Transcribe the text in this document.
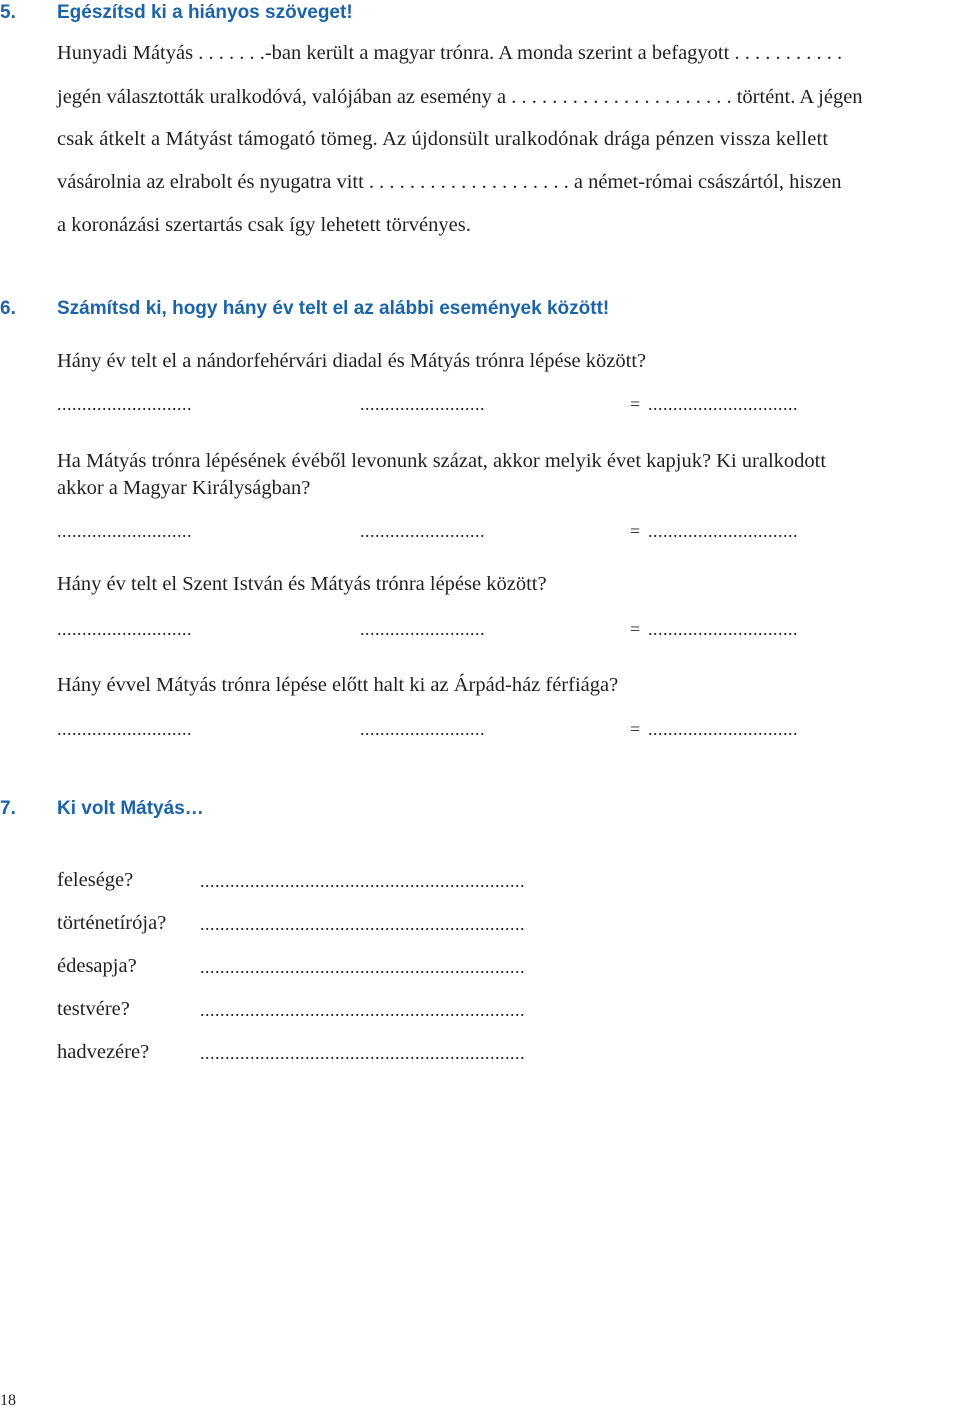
5. Egészítsd ki a hiányos szöveget!
Hunyadi Mátyás . . . . . . .-ban került a magyar trónra. A monda szerint a befagyott . . . . . . . . . . .
jegén választották uralkodóvá, valójában az esemény a . . . . . . . . . . . . . . . . . . . . . . történt. A jégen
csak átkelt a Mátyást támogató tömeg. Az újdonsült uralkodónak drága pénzen vissza kellett
vásárolnia az elrabolt és nyugatra vitt . . . . . . . . . . . . . . . . . . . . a német-római császártól, hiszen
a koronázási szertartás csak így lehetett törvényes.
6. Számítsd ki, hogy hány év telt el az alábbi események között!
Hány év telt el a nándorfehérvári diadal és Mátyás trónra lépése között?
...........................	.........................	= ..............................
Ha Mátyás trónra lépésének évéből levonunk százat, akkor melyik évet kapjuk? Ki uralkodott
akkor a Magyar Királyságban?
...........................	.........................	= ..............................
Hány év telt el Szent István és Mátyás trónra lépése között?
...........................	.........................	= ..............................
Hány évvel Mátyás trónra lépése előtt halt ki az Árpád-ház férfiága?
...........................	.........................	= ..............................
7. Ki volt Mátyás…
felesége?	.................................................................
történetírója? .................................................................
édesapja?	.................................................................
testvére?	.................................................................
hadvezére?	.................................................................
18
